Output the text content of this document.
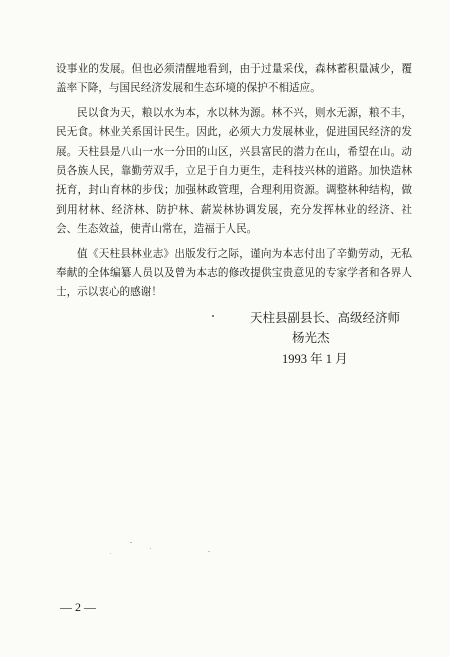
设事业的发展。但也必须清醒地看到，由于过量采伐，森林蓄积量减少，覆盖率下降，与国民经济发展和生态环境的保护不相适应。

民以食为天，粮以水为本，水以林为源。林不兴，则水无源，粮不丰，民无食。林业关系国计民生。因此，必须大力发展林业，促进国民经济的发展。天柱县是八山一水一分田的山区，兴县富民的潜力在山，希望在山。动员各族人民，靠勤劳双手，立足于自力更生，走科技兴林的道路。加快造林抚育，封山育林的步伐；加强林政管理，合理利用资源。调整林种结构，做到用材林、经济林、防护林、薪炭林协调发展，充分发挥林业的经济、社会、生态效益，使青山常在，造福于人民。

值《天柱县林业志》出版发行之际，谨向为本志付出了辛勤劳动，无私奉献的全体编纂人员以及曾为本志的修改提供宝贵意见的专家学者和各界人士，示以衷心的感谢！

天柱县副县长、高级经济师
杨光杰
1993 年 1 月
— 2 —
